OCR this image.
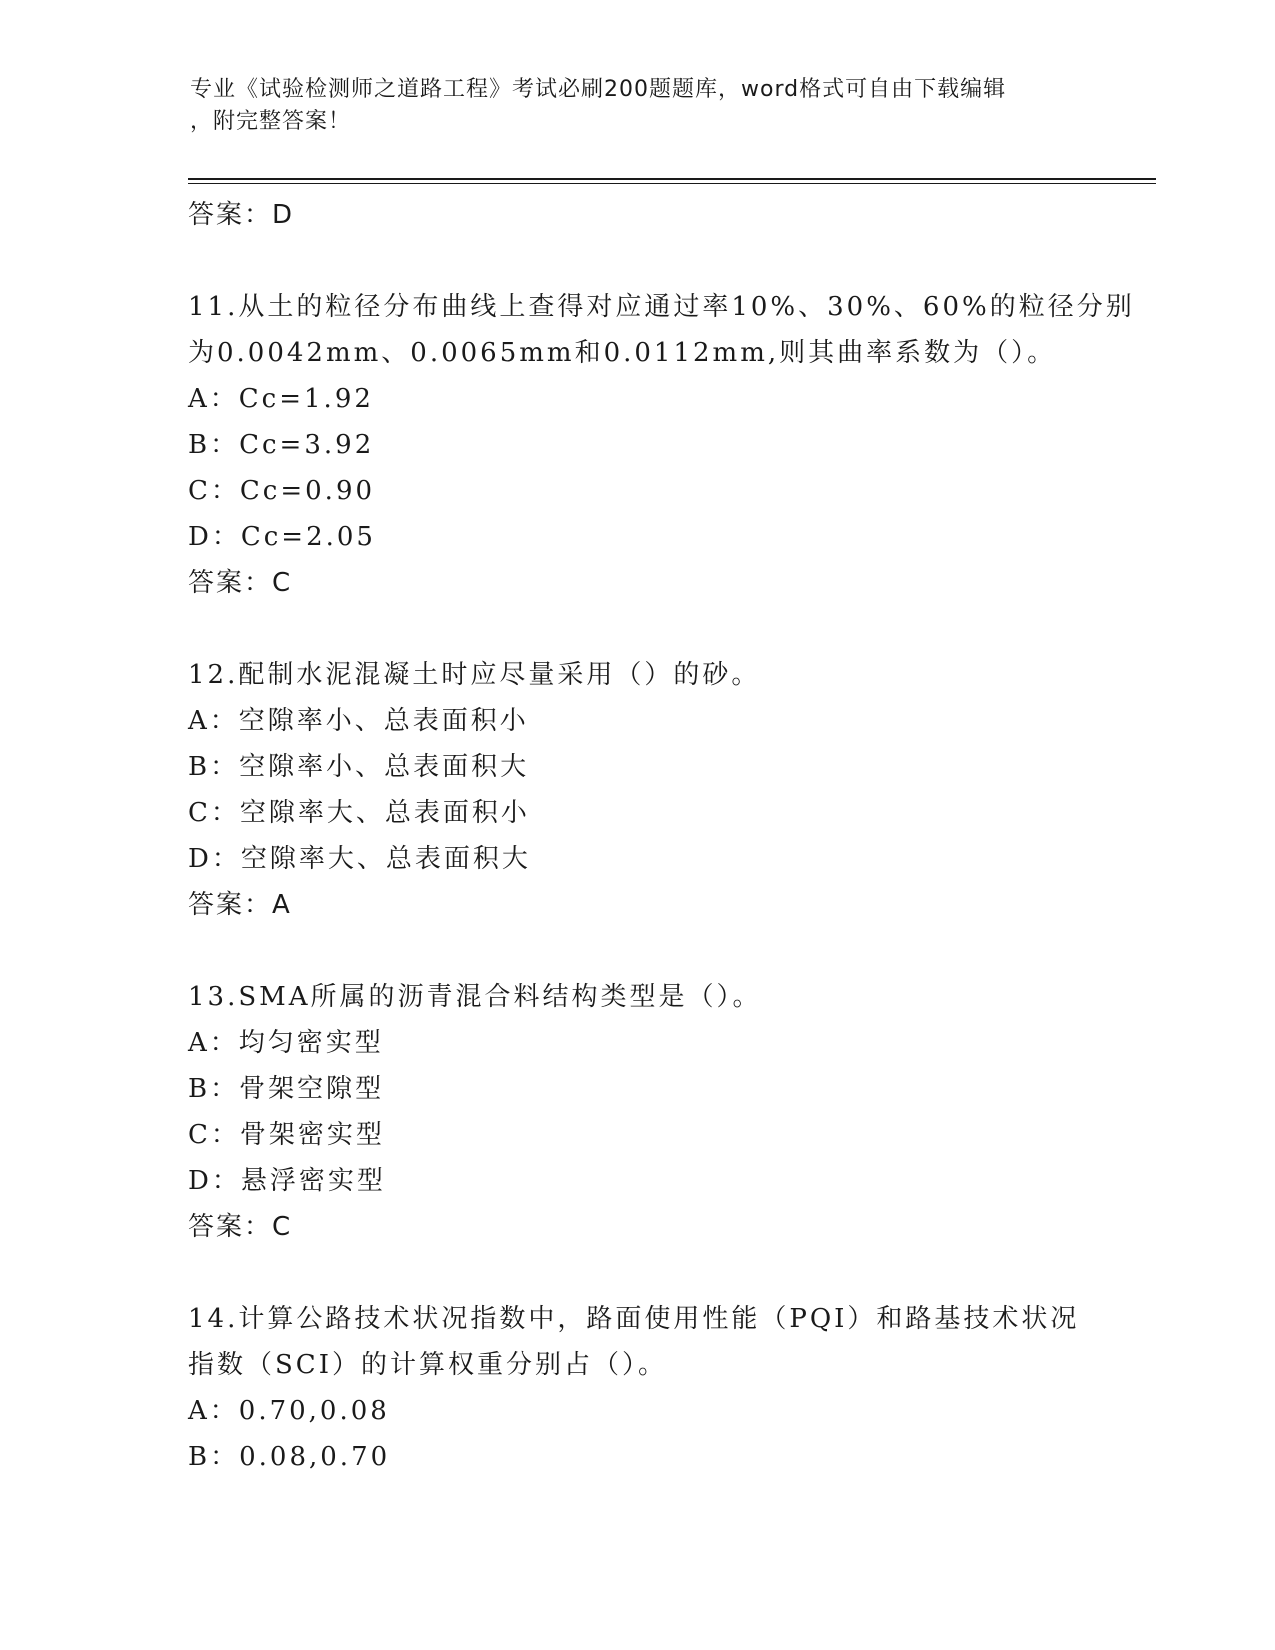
专业《试验检测师之道路工程》考试必刷200题题库，word格式可自由下载编辑
，附完整答案！
答案：D
11.从土的粒径分布曲线上查得对应通过率10%、30%、60%的粒径分别
为0.0042mm、0.0065mm和0.0112mm,则其曲率系数为（）。
A：Cc=1.92
B：Cc=3.92
C：Cc=0.90
D：Cc=2.05
答案：C
12.配制水泥混凝土时应尽量采用（）的砂。
A：空隙率小、总表面积小
B：空隙率小、总表面积大
C：空隙率大、总表面积小
D：空隙率大、总表面积大
答案：A
13.SMA所属的沥青混合料结构类型是（）。
A：均匀密实型
B：骨架空隙型
C：骨架密实型
D：悬浮密实型
答案：C
14.计算公路技术状况指数中，路面使用性能（PQI）和路基技术状况
指数（SCI）的计算权重分别占（）。
A：0.70,0.08
B：0.08,0.70
